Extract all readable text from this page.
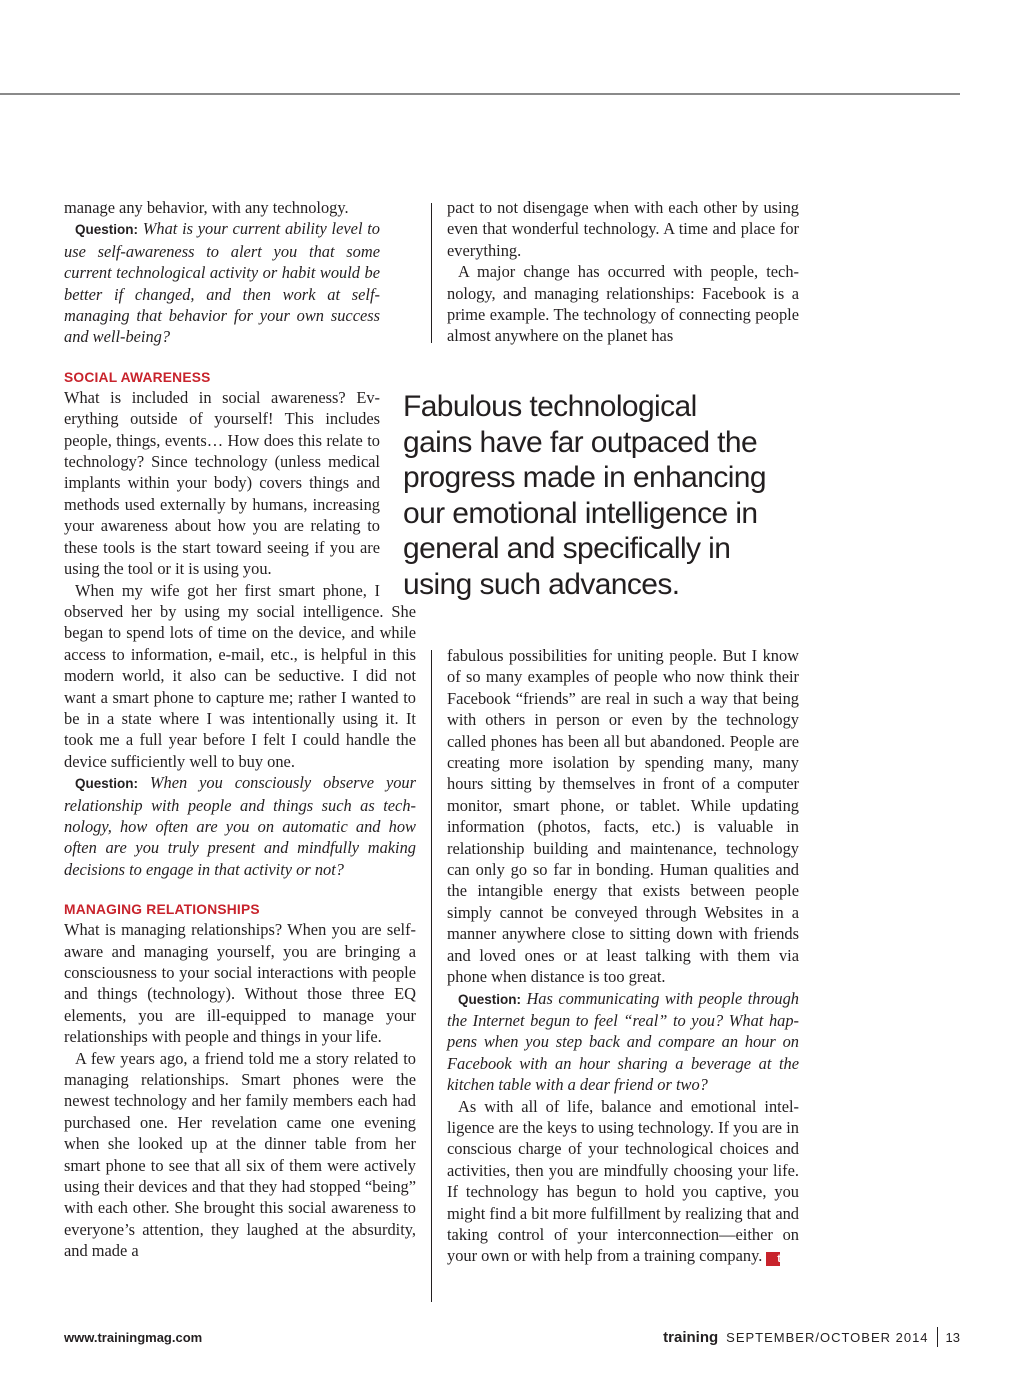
manage any behavior, with any technology.

Question: What is your current ability level to use self-awareness to alert you that some current technological activity or habit would be better if changed, and then work at self-managing that behavior for your own success and well-being?

SOCIAL AWARENESS

What is included in social awareness? Everything outside of yourself! This includes people, things, events… How does this relate to technology? Since technology (unless medical implants within your body) covers things and methods used externally by humans, increasing your awareness about how you are relating to these tools is the start toward seeing if you are using the tool or it is using you.

When my wife got her first smart phone, I observed her by using my social intelligence. She began to spend lots of time on the device, and while access to information, e-mail, etc., is helpful in this modern world, it also can be seductive. I did not want a smart phone to capture me; rather I wanted to be in a state where I was intentionally using it. It took me a full year before I felt I could handle the device sufficiently well to buy one.

Question: When you consciously observe your relationship with people and things such as technology, how often are you on automatic and how often are you truly present and mindfully making decisions to engage in that activity or not?

MANAGING RELATIONSHIPS

What is managing relationships? When you are self-aware and managing yourself, you are bringing a consciousness to your social interactions with people and things (technology). Without those three EQ elements, you are ill-equipped to manage your relationships with people and things in your life.

A few years ago, a friend told me a story related to managing relationships. Smart phones were the newest technology and her family members each had purchased one. Her revelation came one evening when she looked up at the dinner table from her smart phone to see that all six of them were actively using their devices and that they had stopped “being” with each other. She brought this social awareness to everyone’s attention, they laughed at the absurdity, and made a

pact to not disengage when with each other by using even that wonderful technology. A time and place for everything.

A major change has occurred with people, technology, and managing relationships: Facebook is a prime example. The technology of connecting people almost anywhere on the planet has

Fabulous technological
gains have far outpaced the
progress made in enhancing
our emotional intelligence in
general and specifically in
using such advances.

fabulous possibilities for uniting people. But I know of so many examples of people who now think their Facebook “friends” are real in such a way that being with others in person or even by the technology called phones has been all but abandoned. People are creating more isolation by spending many, many hours sitting by themselves in front of a computer monitor, smart phone, or tablet. While updating information (photos, facts, etc.) is valuable in relationship building and maintenance, technology can only go so far in bonding. Human qualities and the intangible energy that exists between people simply cannot be conveyed through Websites in a manner anywhere close to sitting down with friends and loved ones or at least talking with them via phone when distance is too great.

Question: Has communicating with people through the Internet begun to feel “real” to you? What happens when you step back and compare an hour on Facebook with an hour sharing a beverage at the kitchen table with a dear friend or two?

As with all of life, balance and emotional intelligence are the keys to using technology. If you are in conscious charge of your technological choices and activities, then you are mindfully choosing your life. If technology has begun to hold you captive, you might find a bit more fulfillment by realizing that and taking control of your interconnection—either on your own or with help from a training company. t

www.trainingmag.com	training SEPTEMBER/OCTOBER 2014 13
